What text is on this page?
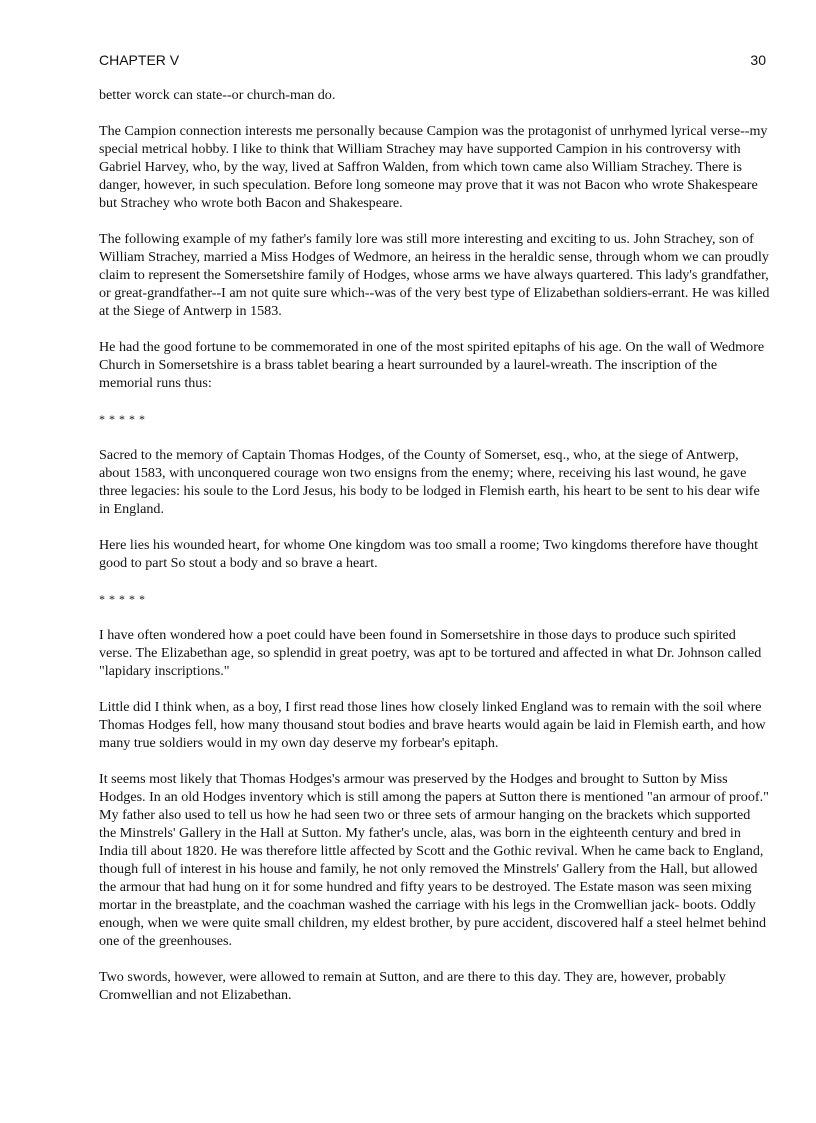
CHAPTER V	30

better worck can state--or church-man do.

The Campion connection interests me personally because Campion was the protagonist of unrhymed lyrical verse--my special metrical hobby. I like to think that William Strachey may have supported Campion in his controversy with Gabriel Harvey, who, by the way, lived at Saffron Walden, from which town came also William Strachey. There is danger, however, in such speculation. Before long someone may prove that it was not Bacon who wrote Shakespeare but Strachey who wrote both Bacon and Shakespeare.

The following example of my father's family lore was still more interesting and exciting to us. John Strachey, son of William Strachey, married a Miss Hodges of Wedmore, an heiress in the heraldic sense, through whom we can proudly claim to represent the Somersetshire family of Hodges, whose arms we have always quartered. This lady's grandfather, or great-grandfather--I am not quite sure which--was of the very best type of Elizabethan soldiers-errant. He was killed at the Siege of Antwerp in 1583.

He had the good fortune to be commemorated in one of the most spirited epitaphs of his age. On the wall of Wedmore Church in Somersetshire is a brass tablet bearing a heart surrounded by a laurel-wreath. The inscription of the memorial runs thus:

* * * * *

Sacred to the memory of Captain Thomas Hodges, of the County of Somerset, esq., who, at the siege of Antwerp, about 1583, with unconquered courage won two ensigns from the enemy; where, receiving his last wound, he gave three legacies: his soule to the Lord Jesus, his body to be lodged in Flemish earth, his heart to be sent to his dear wife in England.

Here lies his wounded heart, for whome One kingdom was too small a roome; Two kingdoms therefore have thought good to part So stout a body and so brave a heart.

* * * * *

I have often wondered how a poet could have been found in Somersetshire in those days to produce such spirited verse. The Elizabethan age, so splendid in great poetry, was apt to be tortured and affected in what Dr. Johnson called "lapidary inscriptions."

Little did I think when, as a boy, I first read those lines how closely linked England was to remain with the soil where Thomas Hodges fell, how many thousand stout bodies and brave hearts would again be laid in Flemish earth, and how many true soldiers would in my own day deserve my forbear's epitaph.

It seems most likely that Thomas Hodges's armour was preserved by the Hodges and brought to Sutton by Miss Hodges. In an old Hodges inventory which is still among the papers at Sutton there is mentioned "an armour of proof." My father also used to tell us how he had seen two or three sets of armour hanging on the brackets which supported the Minstrels' Gallery in the Hall at Sutton. My father's uncle, alas, was born in the eighteenth century and bred in India till about 1820. He was therefore little affected by Scott and the Gothic revival. When he came back to England, though full of interest in his house and family, he not only removed the Minstrels' Gallery from the Hall, but allowed the armour that had hung on it for some hundred and fifty years to be destroyed. The Estate mason was seen mixing mortar in the breastplate, and the coachman washed the carriage with his legs in the Cromwellian jack- boots. Oddly enough, when we were quite small children, my eldest brother, by pure accident, discovered half a steel helmet behind one of the greenhouses.

Two swords, however, were allowed to remain at Sutton, and are there to this day. They are, however, probably Cromwellian and not Elizabethan.
